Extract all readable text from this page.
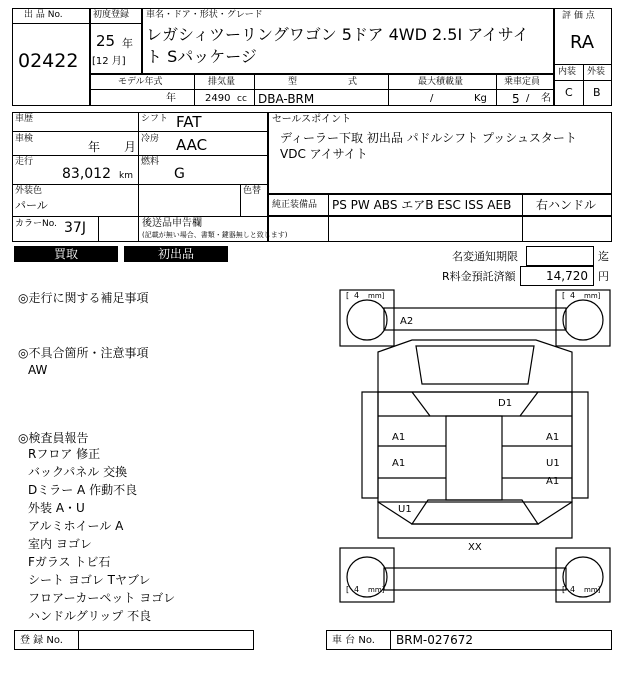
出 品 No.
02422
初度登録
25 年
[12 月]
車名・ドア・形状・グレード
レガシィツーリングワゴン 5ドア 4WD 2.5I アイサイ
ト Sパッケージ
評 価 点
RA
内装 外装
C B
モデル年式
年
排気量
2490 cc
型	式
DBA-BRM
最大積載量
/	Kg
乗車定員
5 / 名
車歴	シフト FAT
車検
年 月
冷房 AAC
走行
83,012 km
燃料
G
外装色
パール
色替
カラーNo. 37J	後送品申告欄
(記載が無い場合、書類・鍵器無しと致します)
セールスポイント
ディーラー下取 初出品 パドルシフト プッシュスタート
VDC アイサイト
純正装備品 PS PW ABS エアB ESC ISS AEB 右ハンドル
買取	初出品	名変通知期限	迄
R料金預託済額	14,720 円
◎走行に関する補足事項
◎不具合箇所・注意事項
AW
◎検査員報告
Rフロア 修正
バックパネル 交換
Dミラー A 作動不良
外装 A・U
アルミホイール A
室内 ヨゴレ
Fガラス トビ石
シート ヨゴレ Tヤブレ
フロアーカーペット ヨゴレ
ハンドルグリップ 不良
[ 4 mm]	[ 4 mm]
[ 4 mm]	[ 4 mm]
A2
D1
A1
A1
A1
U1
A1
U1
XX
登 録 No.	車 台 No. BRM-027672
